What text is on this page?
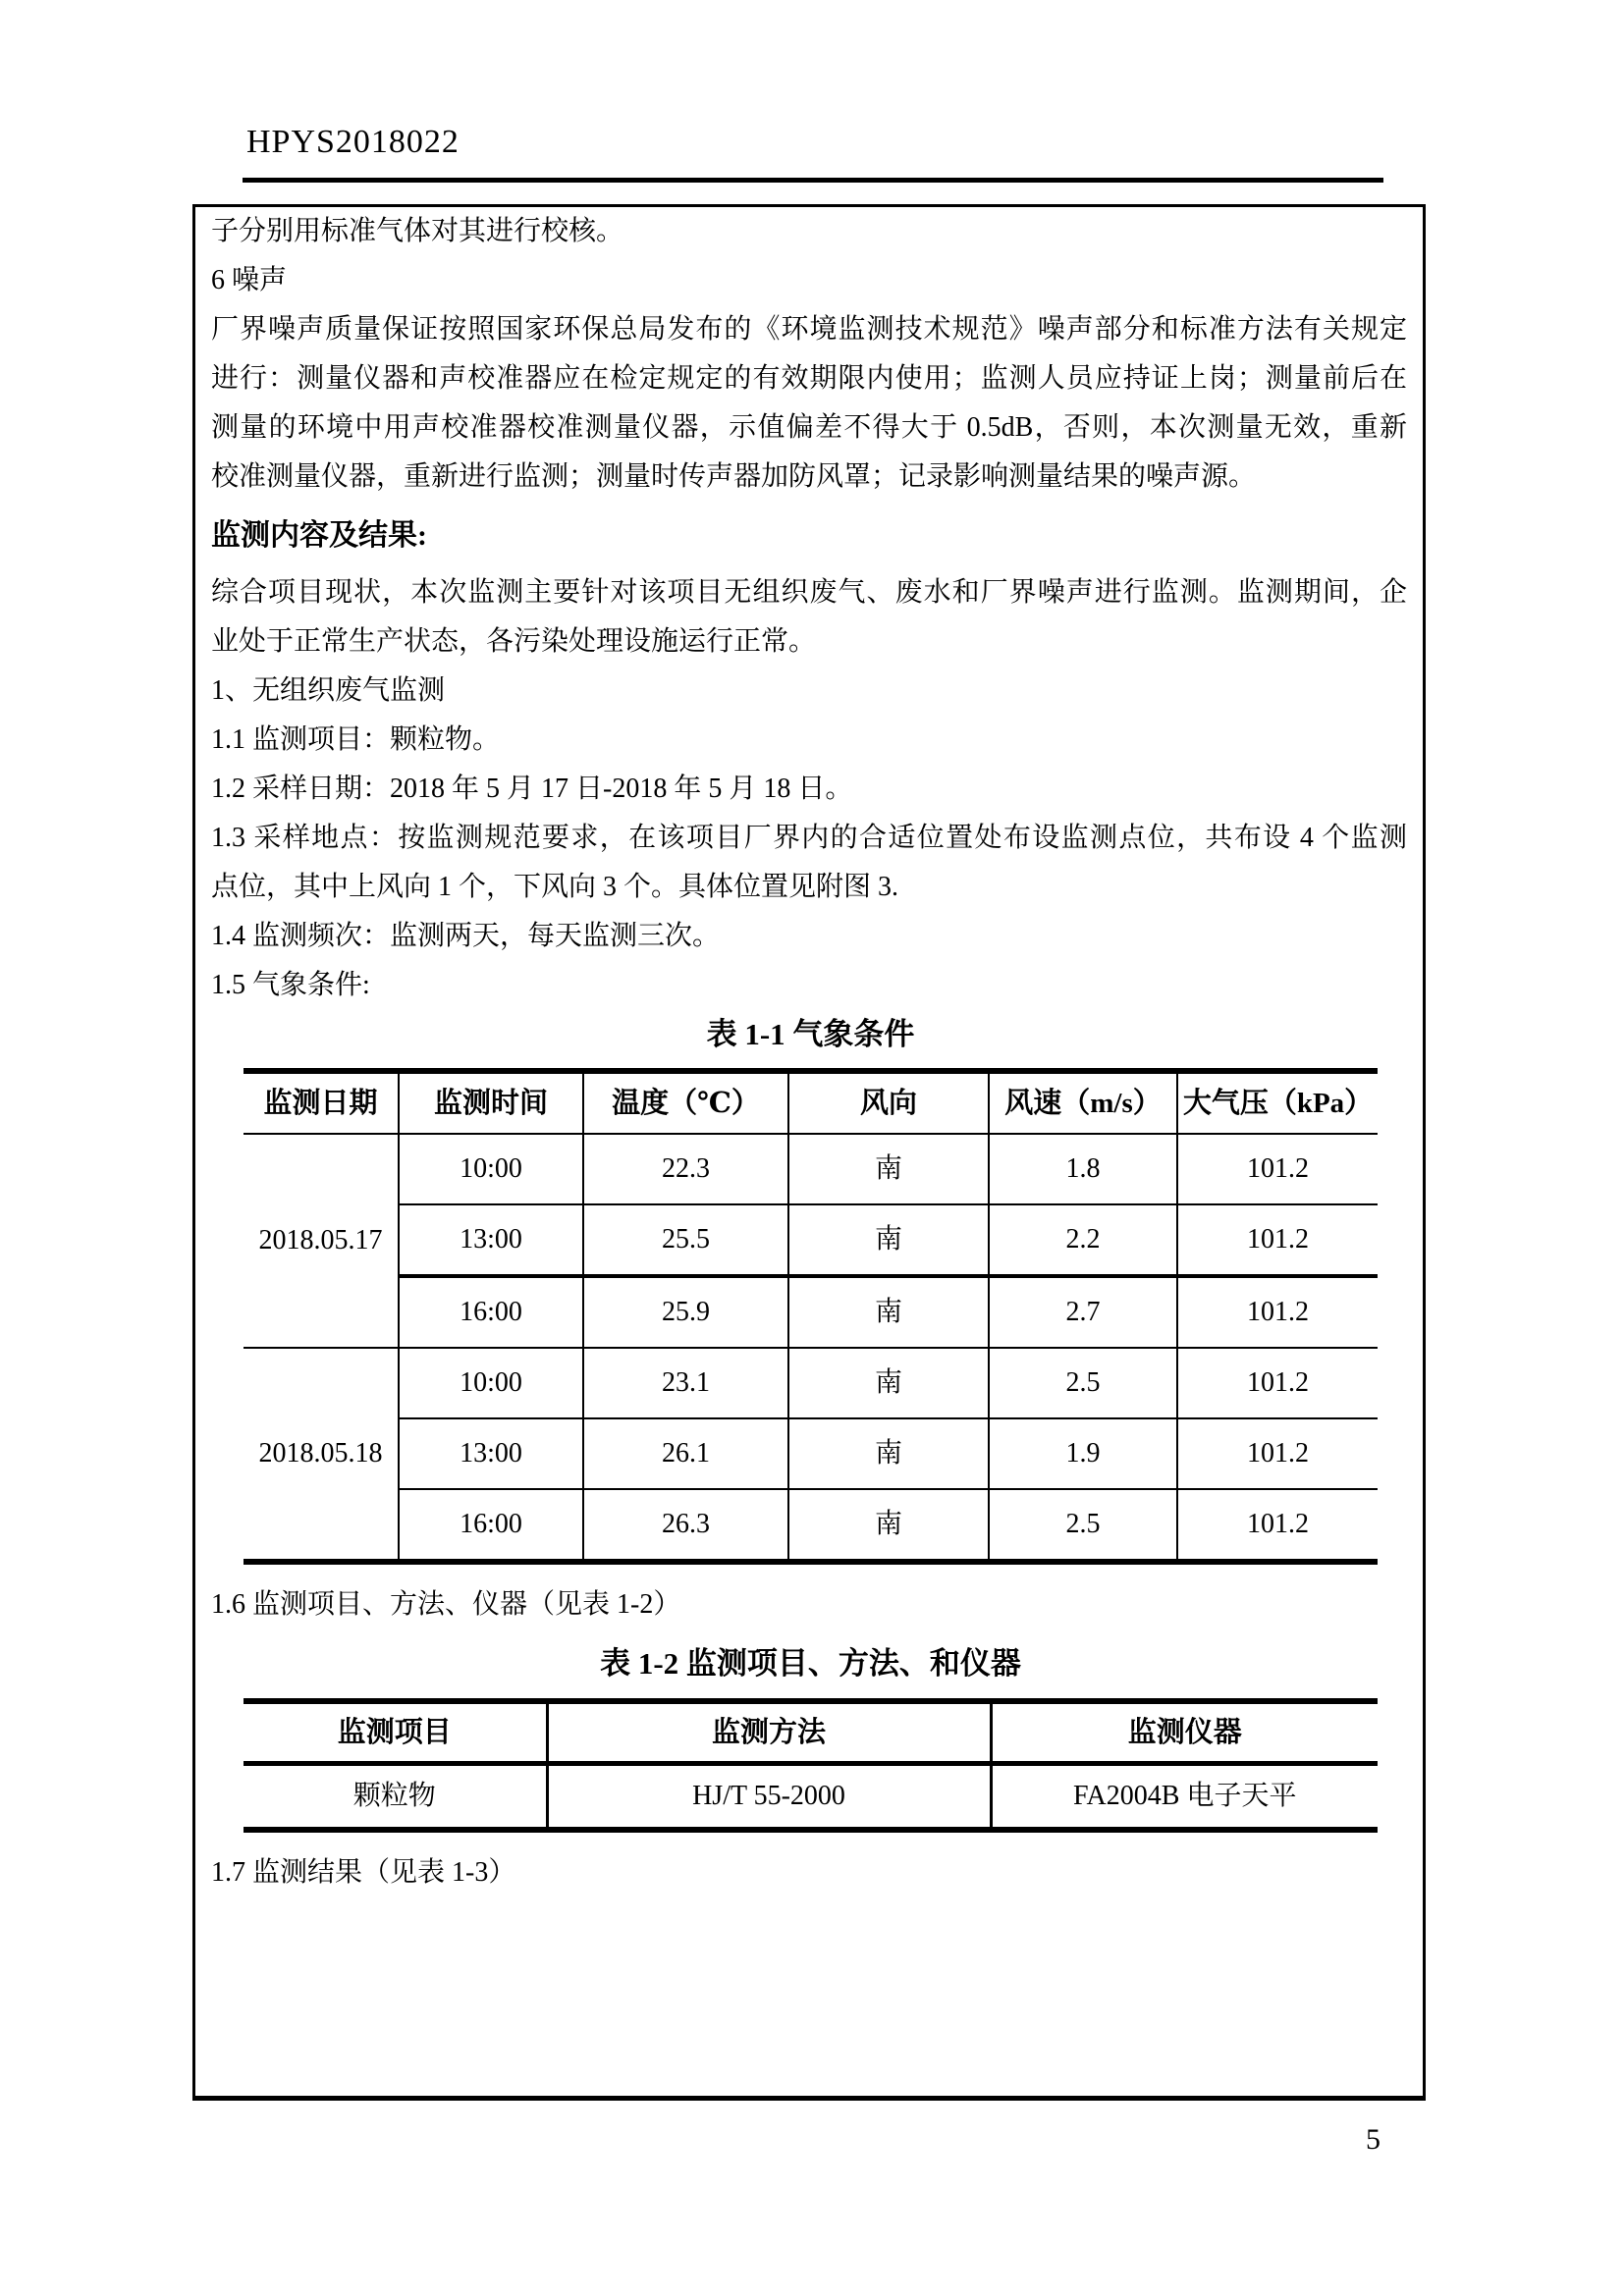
HPYS2018022

子分别用标准气体对其进行校核。

6 噪声

厂界噪声质量保证按照国家环保总局发布的《环境监测技术规范》噪声部分和标准方法有关规定
进行：测量仪器和声校准器应在检定规定的有效期限内使用；监测人员应持证上岗；测量前后在
测量的环境中用声校准器校准测量仪器，示值偏差不得大于 0.5dB，否则，本次测量无效，重新
校准测量仪器，重新进行监测；测量时传声器加防风罩；记录影响测量结果的噪声源。

监测内容及结果:

综合项目现状，本次监测主要针对该项目无组织废气、废水和厂界噪声进行监测。监测期间，企
业处于正常生产状态，各污染处理设施运行正常。
1、无组织废气监测
1.1 监测项目：颗粒物。
1.2 采样日期：2018 年 5 月 17 日-2018 年 5 月 18 日。
1.3 采样地点：按监测规范要求，在该项目厂界内的合适位置处布设监测点位，共布设 4 个监测
点位，其中上风向 1 个，下风向 3 个。具体位置见附图 3.
1.4 监测频次：监测两天，每天监测三次。
1.5 气象条件:
表 1-1 气象条件
监测日期	监测时间	温度（℃）	风向	风速（m/s）	大气压（kPa）
2018.05.17	10:00	22.3	南	1.8	101.2
	13:00	25.5	南	2.2	101.2
	16:00	25.9	南	2.7	101.2
2018.05.18	10:00	23.1	南	2.5	101.2
	13:00	26.1	南	1.9	101.2
	16:00	26.3	南	2.5	101.2
1.6 监测项目、方法、仪器（见表 1-2）
表 1-2 监测项目、方法、和仪器
监测项目	监测方法	监测仪器
颗粒物	HJ/T 55-2000	FA2004B 电子天平
1.7 监测结果（见表 1-3）
5
